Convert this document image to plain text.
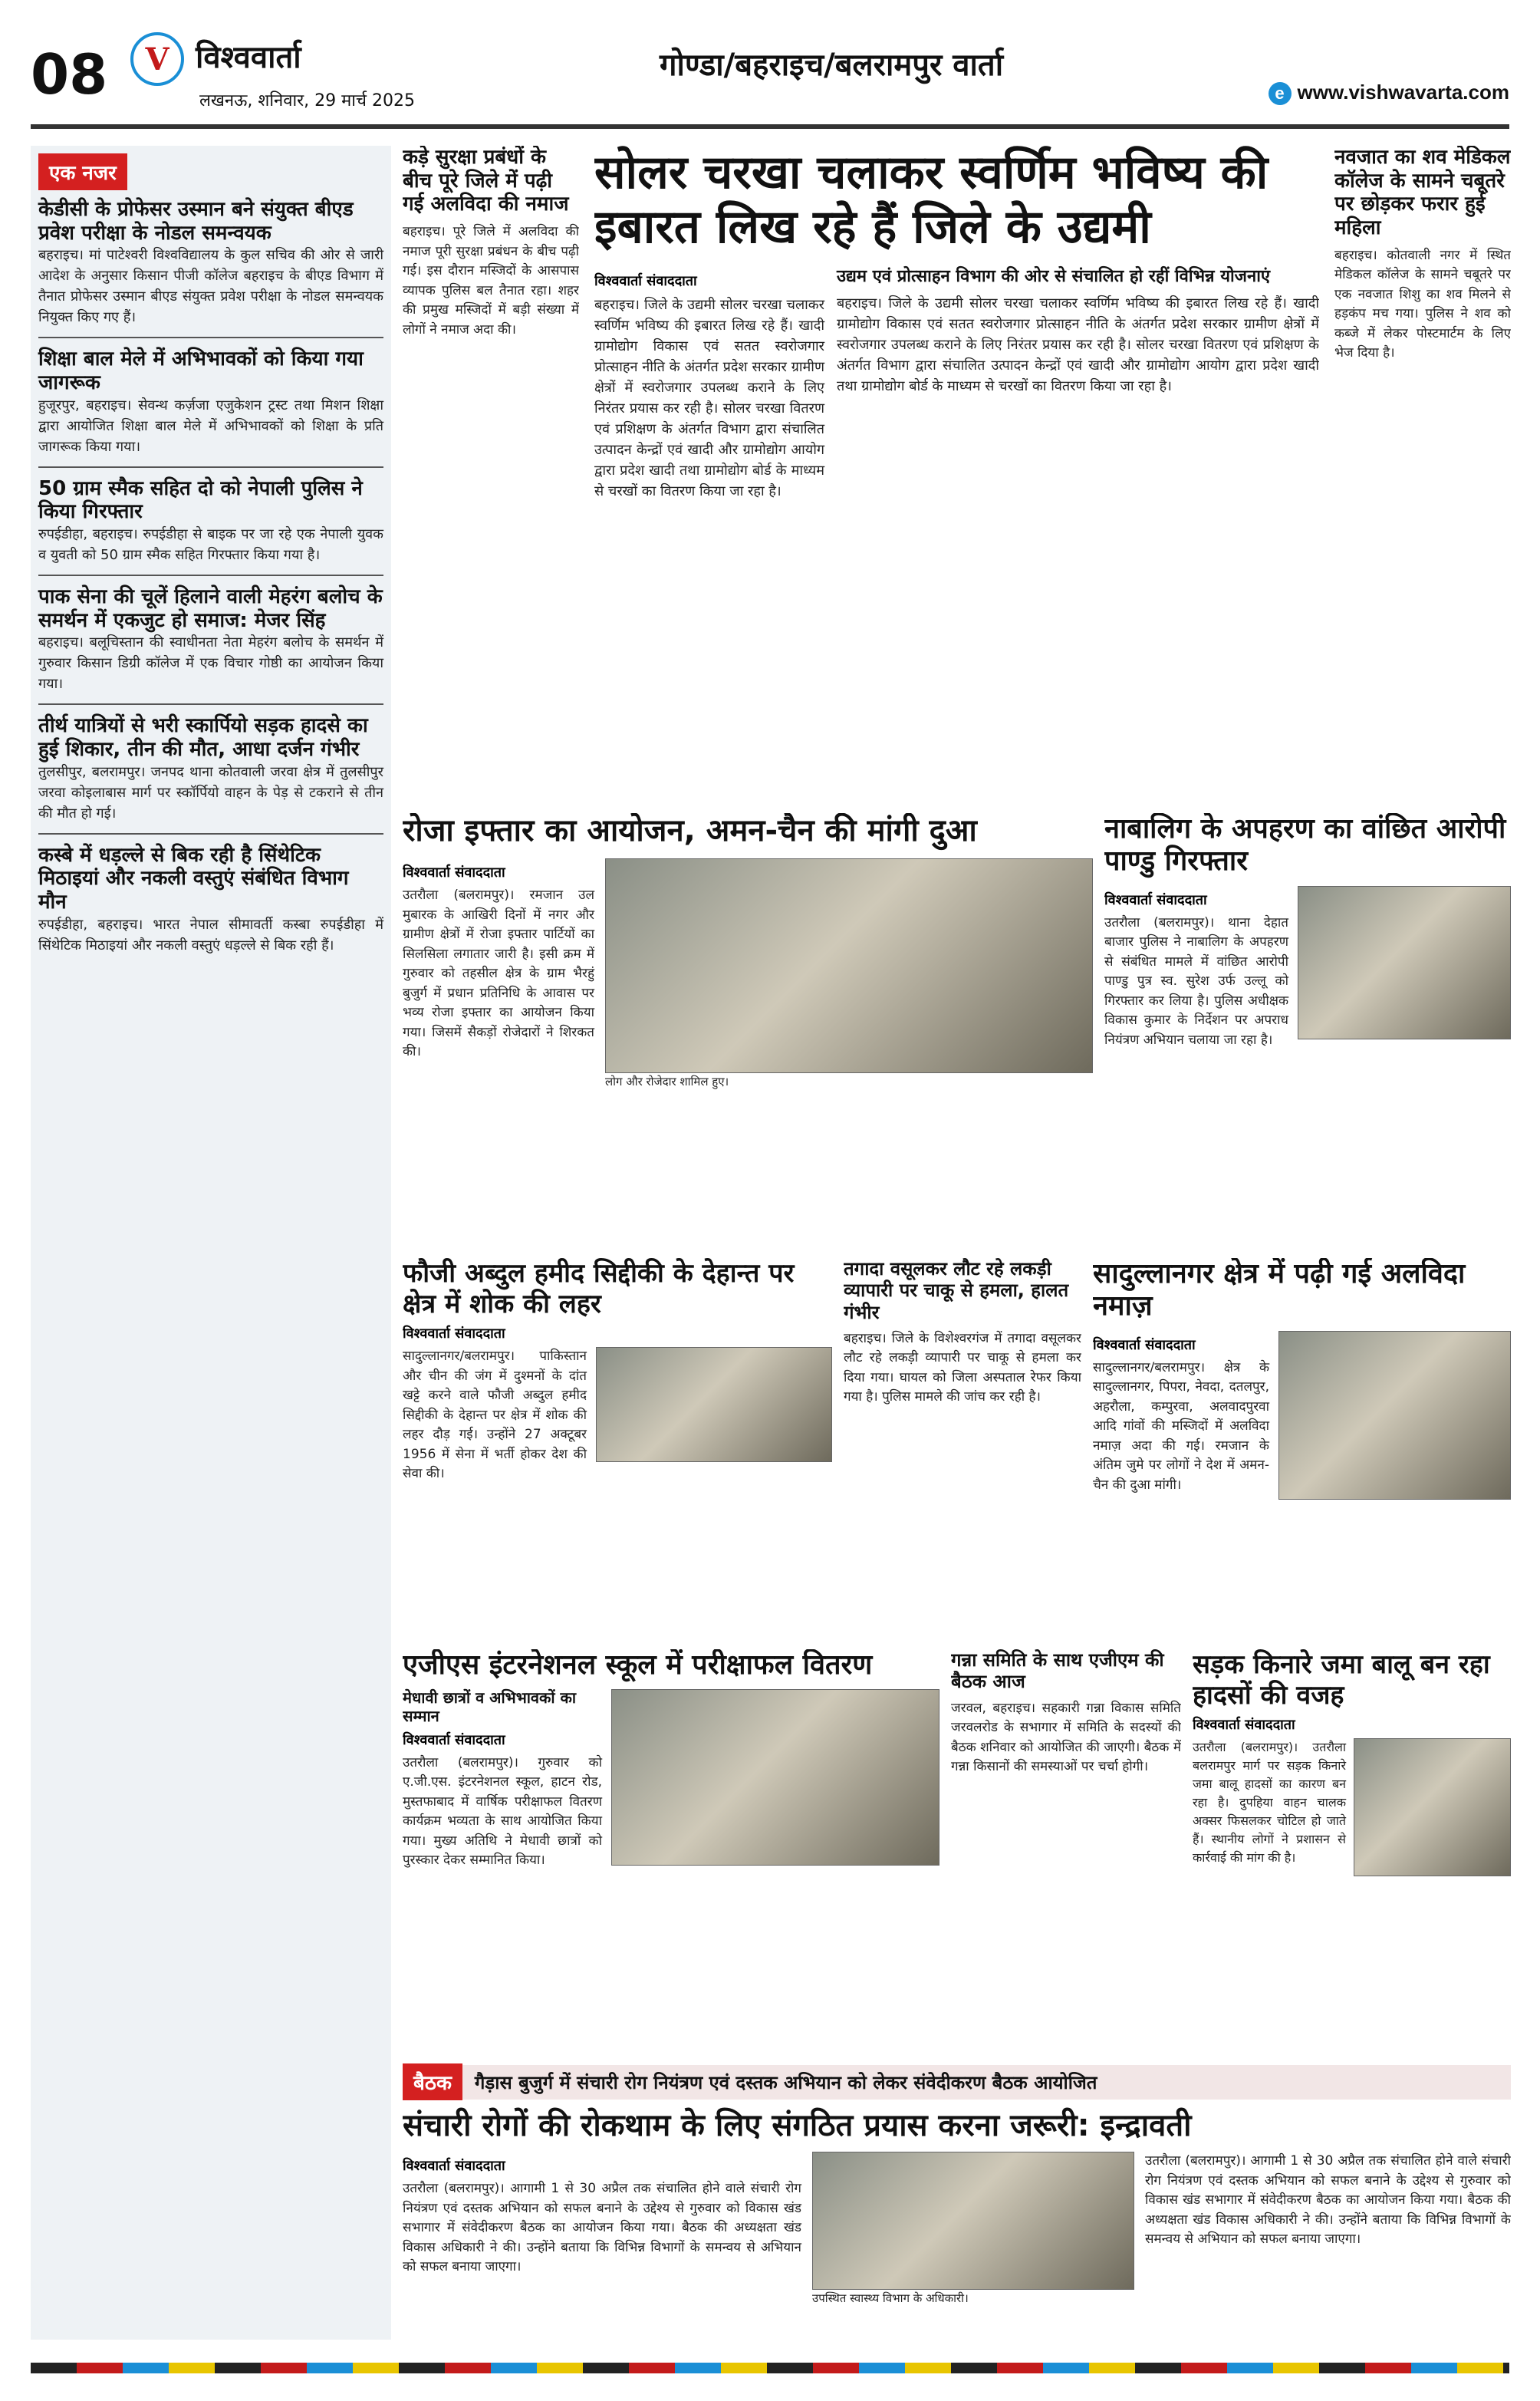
08	V विश्ववार्ता
लखनऊ, शनिवार, 29 मार्च 2025
गोण्डा/बहराइच/बलरामपुर वार्ता
e www.vishwavarta.com
एक नजर
केडीसी के प्रोफेसर उस्मान बने संयुक्त बीएड प्रवेश परीक्षा के नोडल समन्वयक
बहराइच। मां पाटेश्वरी विश्वविद्यालय के कुल सचिव की ओर से जारी आदेश के अनुसार किसान पीजी कॉलेज बहराइच के बीएड विभाग में तैनात प्रोफेसर उस्मान बीएड संयुक्त प्रवेश परीक्षा के नोडल समन्वयक नियुक्त किए गए हैं।
शिक्षा बाल मेले में अभिभावकों को किया गया जागरूक
हुजूरपुर, बहराइच। सेवन्थ कर्ज़जा एजुकेशन ट्रस्ट तथा मिशन शिक्षा द्वारा आयोजित शिक्षा बाल मेले में अभिभावकों को शिक्षा के प्रति जागरूक किया गया।
50 ग्राम स्मैक सहित दो को नेपाली पुलिस ने किया गिरफ्तार
रुपईडीहा, बहराइच। रुपईडीहा से बाइक पर जा रहे एक नेपाली युवक व युवती को 50 ग्राम स्मैक सहित गिरफ्तार किया गया है।
पाक सेना की चूलें हिलाने वाली मेहरंग बलोच के समर्थन में एकजुट हो समाज: मेजर सिंह
बहराइच। बलूचिस्तान की स्वाधीनता नेता मेहरंग बलोच के समर्थन में गुरुवार किसान डिग्री कॉलेज में एक विचार गोष्ठी का आयोजन किया गया।
तीर्थ यात्रियों से भरी स्कार्पियो सड़क हादसे का हुई शिकार, तीन की मौत, आधा दर्जन गंभीर
तुलसीपुर, बलरामपुर। जनपद थाना कोतवाली जरवा क्षेत्र में तुलसीपुर जरवा कोइलाबास मार्ग पर स्कॉर्पियो वाहन के पेड़ से टकराने से तीन की मौत हो गई।
कस्बे में धड़ल्ले से बिक रही है सिंथेटिक मिठाइयां और नकली वस्तुएं संबंधित विभाग मौन
रुपईडीहा, बहराइच। भारत नेपाल सीमावर्ती कस्बा रुपईडीहा में सिंथेटिक मिठाइयां और नकली वस्तुएं धड़ल्ले से बिक रही हैं।
कड़े सुरक्षा प्रबंधों के बीच पूरे जिले में पढ़ी गई अलविदा की नमाज
बहराइच। पूरे जिले में अलविदा की नमाज पूरी सुरक्षा प्रबंधन के बीच पढ़ी गई। इस दौरान मस्जिदों के आसपास व्यापक पुलिस बल तैनात रहा। शहर की प्रमुख मस्जिदों में बड़ी संख्या में लोगों ने नमाज अदा की।
सोलर चरखा चलाकर स्वर्णिम भविष्य की इबारत लिख रहे हैं जिले के उद्यमी
विश्ववार्ता संवाददाता
बहराइच। जिले के उद्यमी सोलर चरखा चलाकर स्वर्णिम भविष्य की इबारत लिख रहे हैं। खादी ग्रामोद्योग विकास एवं सतत स्वरोजगार प्रोत्साहन नीति के अंतर्गत प्रदेश सरकार ग्रामीण क्षेत्रों में स्वरोजगार उपलब्ध कराने के लिए निरंतर प्रयास कर रही है। सोलर चरखा वितरण एवं प्रशिक्षण के अंतर्गत विभाग द्वारा संचालित उत्पादन केन्द्रों एवं खादी और ग्रामोद्योग आयोग द्वारा प्रदेश खादी तथा ग्रामोद्योग बोर्ड के माध्यम से चरखों का वितरण किया जा रहा है।
उद्यम एवं प्रोत्साहन विभाग की ओर से संचालित हो रहीं विभिन्न योजनाएं
बहराइच। जिले के उद्यमी सोलर चरखा चलाकर स्वर्णिम भविष्य की इबारत लिख रहे हैं। खादी ग्रामोद्योग विकास एवं सतत स्वरोजगार प्रोत्साहन नीति के अंतर्गत प्रदेश सरकार ग्रामीण क्षेत्रों में स्वरोजगार उपलब्ध कराने के लिए निरंतर प्रयास कर रही है। सोलर चरखा वितरण एवं प्रशिक्षण के अंतर्गत विभाग द्वारा संचालित उत्पादन केन्द्रों एवं खादी और ग्रामोद्योग आयोग द्वारा प्रदेश खादी तथा ग्रामोद्योग बोर्ड के माध्यम से चरखों का वितरण किया जा रहा है।
नवजात का शव मेडिकल कॉलेज के सामने चबूतरे पर छोड़कर फरार हुई महिला
बहराइच। कोतवाली नगर में स्थित मेडिकल कॉलेज के सामने चबूतरे पर एक नवजात शिशु का शव मिलने से हड़कंप मच गया। पुलिस ने शव को कब्जे में लेकर पोस्टमार्टम के लिए भेज दिया है।
रोजा इफ्तार का आयोजन, अमन-चैन की मांगी दुआ
विश्ववार्ता संवाददाता
उतरौला (बलरामपुर)। रमजान उल मुबारक के आखिरी दिनों में नगर और ग्रामीण क्षेत्रों में रोजा इफ्तार पार्टियों का सिलसिला लगातार जारी है। इसी क्रम में गुरुवार को तहसील क्षेत्र के ग्राम भैरहुं बुजुर्ग में प्रधान प्रतिनिधि के आवास पर भव्य रोजा इफ्तार का आयोजन किया गया। जिसमें सैकड़ों रोजेदारों ने शिरकत की।
लोग और रोजेदार शामिल हुए।
नाबालिग के अपहरण का वांछित आरोपी पाण्डु गिरफ्तार
विश्ववार्ता संवाददाता
उतरौला (बलरामपुर)। थाना देहात बाजार पुलिस ने नाबालिग के अपहरण से संबंधित मामले में वांछित आरोपी पाण्डु पुत्र स्व. सुरेश उर्फ उल्लू को गिरफ्तार कर लिया है। पुलिस अधीक्षक विकास कुमार के निर्देशन पर अपराध नियंत्रण अभियान चलाया जा रहा है।
फौजी अब्दुल हमीद सिद्दीकी के देहान्त पर क्षेत्र में शोक की लहर
विश्ववार्ता संवाददाता
सादुल्लानगर/बलरामपुर। पाकिस्तान और चीन की जंग में दुश्मनों के दांत खट्टे करने वाले फौजी अब्दुल हमीद सिद्दीकी के देहान्त पर क्षेत्र में शोक की लहर दौड़ गई। उन्होंने 27 अक्टूबर 1956 में सेना में भर्ती होकर देश की सेवा की।
तगादा वसूलकर लौट रहे लकड़ी व्यापारी पर चाकू से हमला, हालत गंभीर
बहराइच। जिले के विशेश्वरगंज में तगादा वसूलकर लौट रहे लकड़ी व्यापारी पर चाकू से हमला कर दिया गया। घायल को जिला अस्पताल रेफर किया गया है। पुलिस मामले की जांच कर रही है।
सादुल्लानगर क्षेत्र में पढ़ी गई अलविदा नमाज़
विश्ववार्ता संवाददाता
सादुल्लानगर/बलरामपुर। क्षेत्र के सादुल्लानगर, पिपरा, नेवदा, दतलपुर, अहरौला, कम्पुरवा, अलवादपुरवा आदि गांवों की मस्जिदों में अलविदा नमाज़ अदा की गई। रमजान के अंतिम जुमे पर लोगों ने देश में अमन-चैन की दुआ मांगी।
एजीएस इंटरनेशनल स्कूल में परीक्षाफल वितरण
मेधावी छात्रों व अभिभावकों का सम्मान
विश्ववार्ता संवाददाता
उतरौला (बलरामपुर)। गुरुवार को ए.जी.एस. इंटरनेशनल स्कूल, हाटन रोड, मुस्तफाबाद में वार्षिक परीक्षाफल वितरण कार्यक्रम भव्यता के साथ आयोजित किया गया। मुख्य अतिथि ने मेधावी छात्रों को पुरस्कार देकर सम्मानित किया।
गन्ना समिति के साथ एजीएम की बैठक आज
जरवल, बहराइच। सहकारी गन्ना विकास समिति जरवलरोड के सभागार में समिति के सदस्यों की बैठक शनिवार को आयोजित की जाएगी। बैठक में गन्ना किसानों की समस्याओं पर चर्चा होगी।
सड़क किनारे जमा बालू बन रहा हादसों की वजह
विश्ववार्ता संवाददाता
उतरौला (बलरामपुर)। उतरौला बलरामपुर मार्ग पर सड़क किनारे जमा बालू हादसों का कारण बन रहा है। दुपहिया वाहन चालक अक्सर फिसलकर चोटिल हो जाते हैं। स्थानीय लोगों ने प्रशासन से कार्रवाई की मांग की है।
बैठक	गैड़ास बुजुर्ग में संचारी रोग नियंत्रण एवं दस्तक अभियान को लेकर संवेदीकरण बैठक आयोजित
संचारी रोगों की रोकथाम के लिए संगठित प्रयास करना जरूरी: इन्द्रावती
विश्ववार्ता संवाददाता
उतरौला (बलरामपुर)। आगामी 1 से 30 अप्रैल तक संचालित होने वाले संचारी रोग नियंत्रण एवं दस्तक अभियान को सफल बनाने के उद्देश्य से गुरुवार को विकास खंड सभागार में संवेदीकरण बैठक का आयोजन किया गया। बैठक की अध्यक्षता खंड विकास अधिकारी ने की। उन्होंने बताया कि विभिन्न विभागों के समन्वय से अभियान को सफल बनाया जाएगा।
उपस्थित स्वास्थ्य विभाग के अधिकारी।
उतरौला (बलरामपुर)। आगामी 1 से 30 अप्रैल तक संचालित होने वाले संचारी रोग नियंत्रण एवं दस्तक अभियान को सफल बनाने के उद्देश्य से गुरुवार को विकास खंड सभागार में संवेदीकरण बैठक का आयोजन किया गया। बैठक की अध्यक्षता खंड विकास अधिकारी ने की। उन्होंने बताया कि विभिन्न विभागों के समन्वय से अभियान को सफल बनाया जाएगा।
